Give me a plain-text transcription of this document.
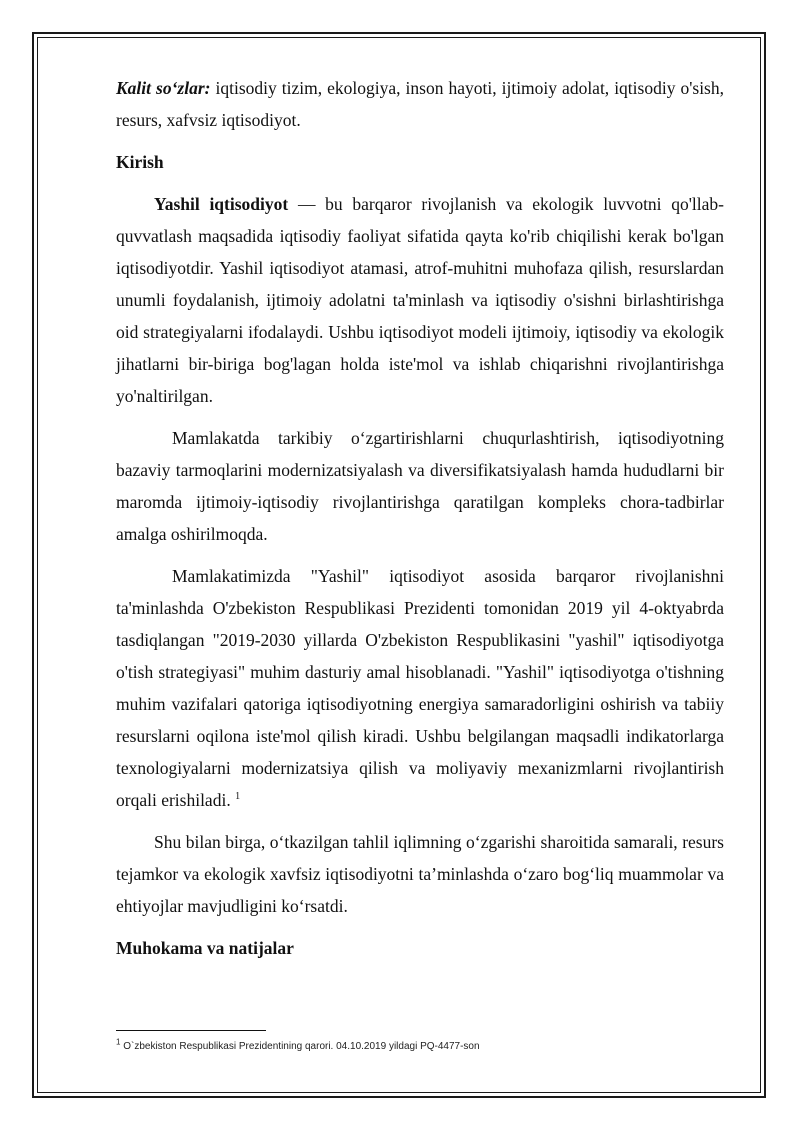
Kalit so‘zlar: iqtisodiy tizim, ekologiya, inson hayoti, ijtimoiy adolat, iqtisodiy o'sish, resurs, xafvsiz iqtisodiyot.

Kirish

Yashil iqtisodiyot — bu barqaror rivojlanish va ekologik luvvotni qo'llab-quvvatlash maqsadida iqtisodiy faoliyat sifatida qayta ko'rib chiqilishi kerak bo'lgan iqtisodiyotdir. Yashil iqtisodiyot atamasi, atrof-muhitni muhofaza qilish, resurslardan unumli foydalanish, ijtimoiy adolatni ta'minlash va iqtisodiy o'sishni birlashtirishga oid strategiyalarni ifodalaydi. Ushbu iqtisodiyot modeli ijtimoiy, iqtisodiy va ekologik jihatlarni bir-biriga bog'lagan holda iste'mol va ishlab chiqarishni rivojlantirishga yo'naltirilgan.

Mamlakatda tarkibiy o‘zgartirishlarni chuqurlashtirish, iqtisodiyotning bazaviy tarmoqlarini modernizatsiyalash va diversifikatsiyalash hamda hududlarni bir maromda ijtimoiy-iqtisodiy rivojlantirishga qaratilgan kompleks chora-tadbirlar amalga oshirilmoqda.

Mamlakatimizda "Yashil" iqtisodiyot asosida barqaror rivojlanishni ta'minlashda O'zbekiston Respublikasi Prezidenti tomonidan 2019 yil 4-oktyabrda tasdiqlangan "2019-2030 yillarda O'zbekiston Respublikasini "yashil" iqtisodiyotga o'tish strategiyasi" muhim dasturiy amal hisoblanadi. "Yashil" iqtisodiyotga o'tishning muhim vazifalari qatoriga iqtisodiyotning energiya samaradorligini oshirish va tabiiy resurslarni oqilona iste'mol qilish kiradi. Ushbu belgilangan maqsadli indikatorlarga texnologiyalarni modernizatsiya qilish va moliyaviy mexanizmlarni rivojlantirish orqali erishiladi. $^1$

Shu bilan birga, o‘tkazilgan tahlil iqlimning o‘zgarishi sharoitida samarali, resurs tejamkor va ekologik xavfsiz iqtisodiyotni ta’minlashda o‘zaro bog‘liq muammolar va ehtiyojlar mavjudligini ko‘rsatdi.

Muhokama va natijalar
$^1$ O`zbekiston Respublikasi Prezidentining qarori. 04.10.2019 yildagi PQ-4477-son
